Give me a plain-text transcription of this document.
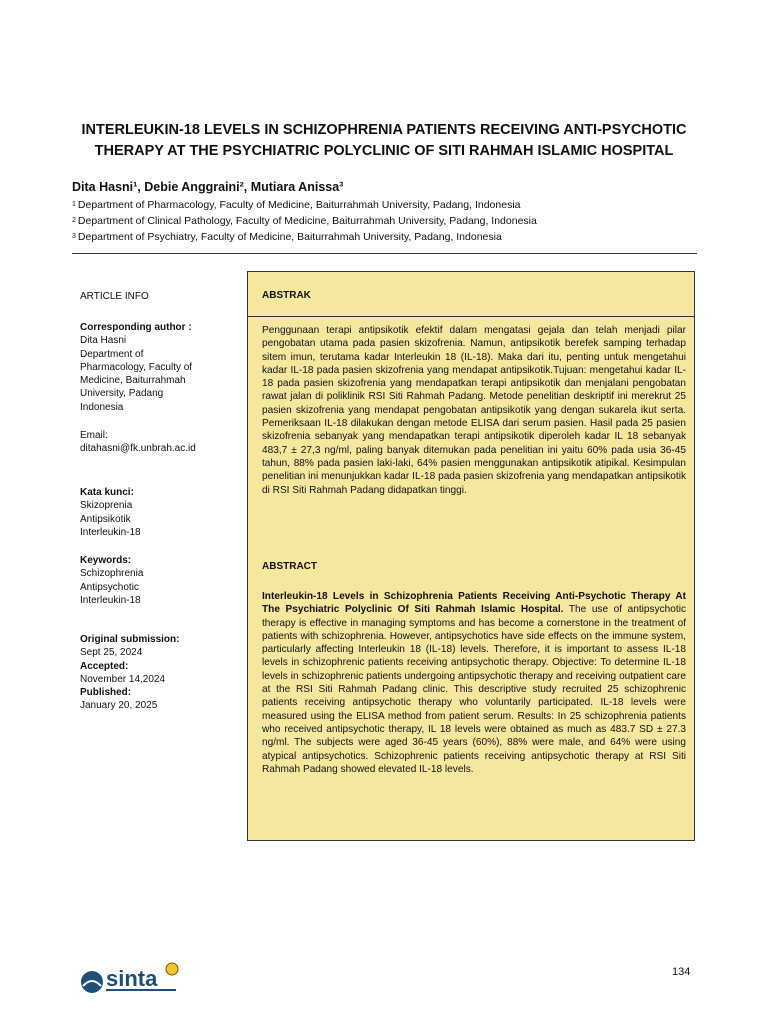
INTERLEUKIN-18 LEVELS IN SCHIZOPHRENIA PATIENTS RECEIVING ANTI-PSYCHOTIC
THERAPY AT THE PSYCHIATRIC POLYCLINIC OF SITI RAHMAH ISLAMIC HOSPITAL
Dita Hasni¹, Debie Anggraini², Mutiara Anissa³
$^1$ Department of Pharmacology, Faculty of Medicine, Baiturrahmah University, Padang, Indonesia
$^2$ Department of Clinical Pathology, Faculty of Medicine, Baiturrahmah University, Padang, Indonesia
$^3$ Department of Psychiatry, Faculty of Medicine, Baiturrahmah University, Padang, Indonesia
ARTICLE INFO
Corresponding author :
Dita Hasni
Department of
Pharmacology, Faculty of
Medicine, Baiturrahmah
University, Padang
Indonesia
Email:
ditahasni@fk.unbrah.ac.id
Kata kunci:
Skizoprenia
Antipsikotik
Interleukin-18
Keywords:
Schizophrenia
Antipsychotic
Interleukin-18
Original submission:
Sept 25, 2024
Accepted:
November 14,2024
Published:
January 20, 2025
ABSTRAK
Penggunaan terapi antipsikotik efektif dalam mengatasi gejala dan telah menjadi pilar pengobatan utama pada pasien skizofrenia. Namun, antipsikotik berefek samping terhadap sitem imun, terutama kadar Interleukin 18 (IL-18). Maka dari itu, penting untuk mengetahui kadar IL-18 pada pasien skizofrenia yang mendapat antipsikotik.Tujuan: mengetahui kadar IL-18 pada pasien skizofrenia yang mendapatkan terapi antipsikotik dan menjalani pengobatan rawat jalan di poliklinik RSI Siti Rahmah Padang. Metode penelitian deskriptif ini merekrut 25 pasien skizofrenia yang mendapat pengobatan antipsikotik yang dengan sukarela ikut serta. Pemeriksaan IL-18 dilakukan dengan metode ELISA dari serum pasien. Hasil pada 25 pasien skizofrenia sebanyak yang mendapatkan terapi antipsikotik diperoleh kadar IL 18 sebanyak 483,7 ± 27,3 ng/ml, paling banyak ditemukan pada penelitian ini yaitu 60% pada usia 36-45 tahun, 88% pada pasien laki-laki, 64% pasien menggunakan antipsikotik atipikal. Kesimpulan penelitian ini menunjukkan kadar IL-18 pada pasien skizofrenia yang mendapatkan antipsikotik di RSI Siti Rahmah Padang didapatkan tinggi.
ABSTRACT
Interleukin-18 Levels in Schizophrenia Patients Receiving Anti-Psychotic Therapy At The Psychiatric Polyclinic Of Siti Rahmah Islamic Hospital. The use of antipsychotic therapy is effective in managing symptoms and has become a cornerstone in the treatment of patients with schizophrenia. However, antipsychotics have side effects on the immune system, particularly affecting Interleukin 18 (IL-18) levels. Therefore, it is important to assess IL-18 levels in schizophrenic patients receiving antipsychotic therapy. Objective: To determine IL-18 levels in schizophrenic patients undergoing antipsychotic therapy and receiving outpatient care at the RSI Siti Rahmah Padang clinic. This descriptive study recruited 25 schizophrenic patients receiving antipsychotic therapy who voluntarily participated. IL-18 levels were measured using the ELISA method from patient serum. Results: In 25 schizophrenia patients who received antipsychotic therapy, IL 18 levels were obtained as much as 483.7 SD ± 27.3 ng/ml. The subjects were aged 36-45 years (60%), 88% were male, and 64% were using atypical antipsychotics. Schizophrenic patients receiving antipsychotic therapy at RSI Siti Rahmah Padang showed elevated IL-18 levels.
sinta	134
